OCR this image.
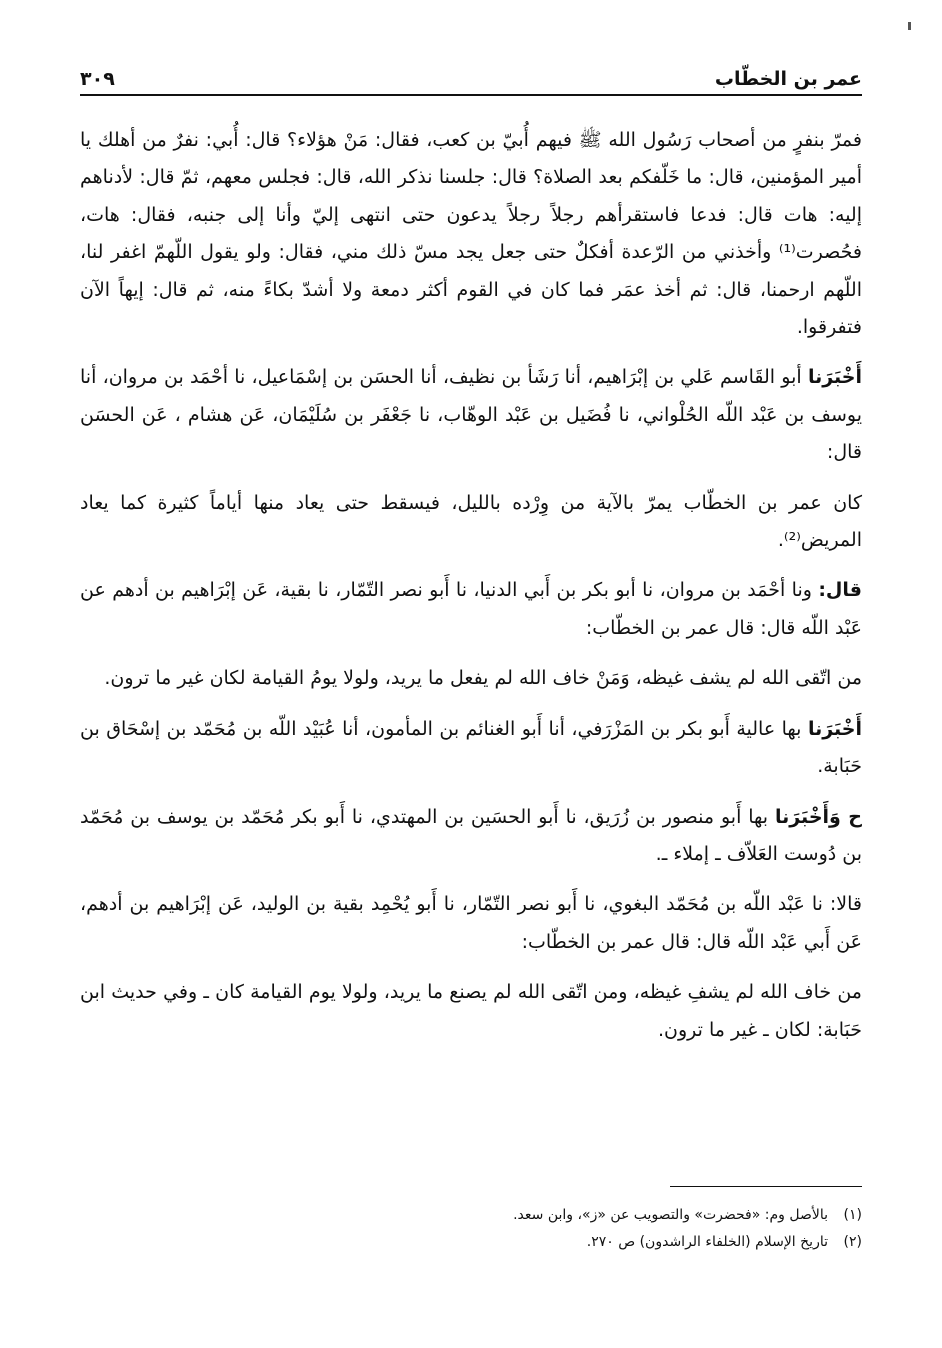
عمر بن الخطّاب
٣٠٩

فمرّ بنفرٍ من أصحاب رَسُول الله ﷺ فيهم أُبيّ بن كعب، فقال: مَنْ هؤلاء؟ قال: أُبي: نفرٌ من أهلك يا أمير المؤمنين، قال: ما خَلّفكم بعد الصلاة؟ قال: جلسنا نذكر الله، قال: فجلس معهم، ثمّ قال: لأدناهم إليه: هات قال: فدعا فاستقرأهم رجلاً رجلاً يدعون حتى انتهى إليّ وأنا إلى جنبه، فقال: هات، فحُصرت⁽¹⁾ وأخذني من الرّعدة أفكلٌ حتى جعل يجد مسّ ذلك مني، فقال: ولو يقول اللّهمّ اغفر لنا، اللّهم ارحمنا، قال: ثم أخذ عمَر فما كان في القوم أكثر دمعة ولا أشدّ بكاءً منه، ثم قال: إيهاً الآن فتفرقوا.

أَخْبَرَنا أبو القَاسم عَلي بن إبْرَاهيم، أنا رَشَأ بن نظيف، أنا الحسَن بن إسْمَاعيل، نا أحْمَد بن مروان، أنا يوسف بن عَبْد اللّه الحُلْواني، نا فُضَيل بن عَبْد الوهّاب، نا جَعْفَر بن سُلَيْمَان، عَن هشام ، عَن الحسَن قال:

كان عمر بن الخطّاب يمرّ بالآية من وِرْده بالليل، فيسقط حتى يعاد منها أياماً كثيرة كما يعاد المريض⁽²⁾.

قال: ونا أحْمَد بن مروان، نا أبو بكر بن أَبي الدنيا، نا أَبو نصر التّمّار، نا بقية، عَن إبْرَاهيم بن أدهم عن عَبْد اللّه قال: قال عمر بن الخطّاب:

من اتّقى الله لم يشف غيظه، وَمَنْ خاف الله لم يفعل ما يريد، ولولا يومُ القيامة لكان غير ما ترون.

أَخْبَرَنا بها عالية أَبو بكر بن المَزْرَفي، أنا أَبو الغنائم بن المأمون، أنا عُبَيْد اللّه بن مُحَمّد بن إسْحَاق بن حَبَابة.

ح وَأَخْبَرَنا بها أَبو منصور بن زُرَيق، نا أَبو الحسَين بن المهتدي، نا أَبو بكر مُحَمّد بن يوسف بن مُحَمّد بن دُوست العَلاّف ـ إملاء ـ.

قالا: نا عَبْد اللّه بن مُحَمّد البغوي، نا أَبو نصر التّمّار، نا أَبو يُحْمِد بقية بن الوليد، عَن إبْرَاهيم بن أدهم، عَن أَبي عَبْد اللّه قال: قال عمر بن الخطّاب:

من خاف الله لم يشفِ غيظه، ومن اتّقى الله لم يصنع ما يريد، ولولا يوم القيامة كان ـ وفي حديث ابن حَبَابة: لكان ـ غير ما ترون.

(١)
بالأصل وم: «فحضرت» والتصويب عن «ز»، وابن سعد.
(٢)
تاريخ الإسلام (الخلفاء الراشدون) ص ٢٧٠.
